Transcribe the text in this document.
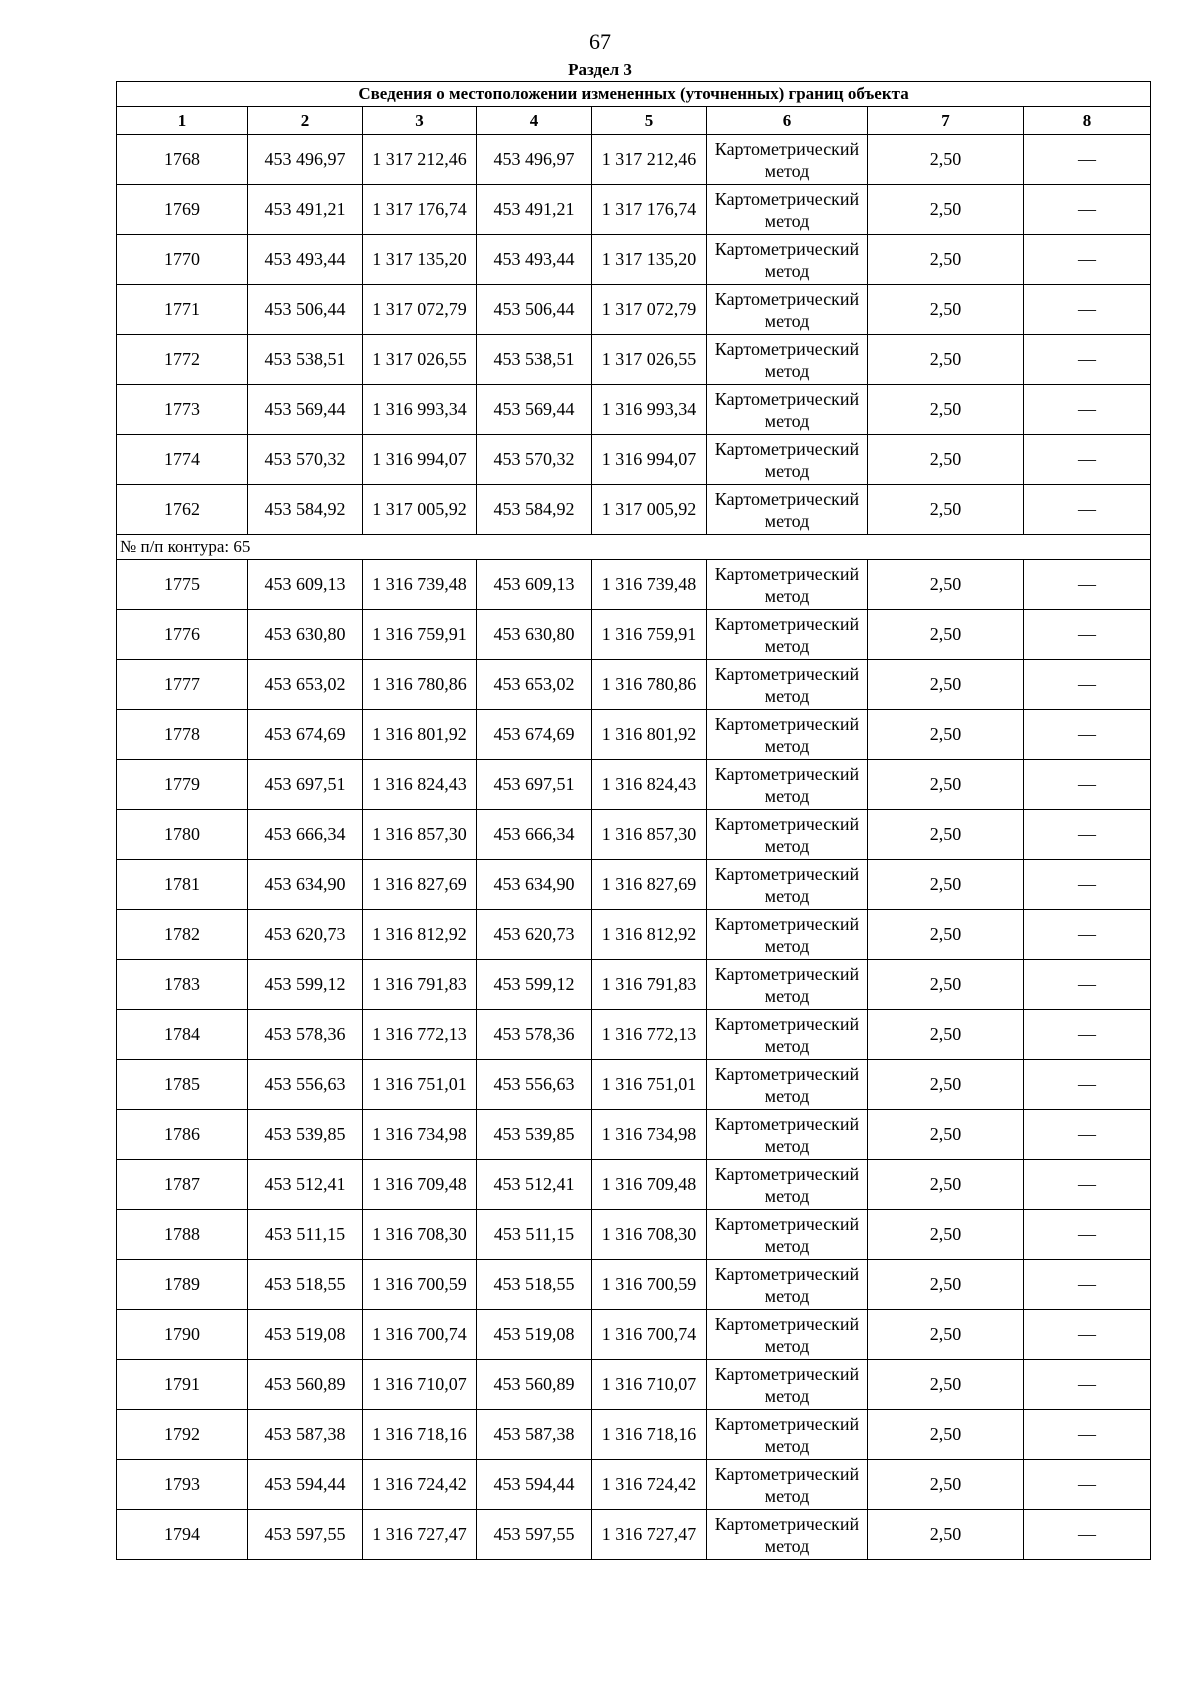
67
Раздел 3
Сведения о местоположении измененных (уточненных) границ объекта							
1	2	3	4	5	6	7	8
1768	453 496,97	1 317 212,46	453 496,97	1 317 212,46	Картометрический метод	2,50	—
1769	453 491,21	1 317 176,74	453 491,21	1 317 176,74	Картометрический метод	2,50	—
1770	453 493,44	1 317 135,20	453 493,44	1 317 135,20	Картометрический метод	2,50	—
1771	453 506,44	1 317 072,79	453 506,44	1 317 072,79	Картометрический метод	2,50	—
1772	453 538,51	1 317 026,55	453 538,51	1 317 026,55	Картометрический метод	2,50	—
1773	453 569,44	1 316 993,34	453 569,44	1 316 993,34	Картометрический метод	2,50	—
1774	453 570,32	1 316 994,07	453 570,32	1 316 994,07	Картометрический метод	2,50	—
1762	453 584,92	1 317 005,92	453 584,92	1 317 005,92	Картометрический метод	2,50	—
№ п/п контура: 65							
1775	453 609,13	1 316 739,48	453 609,13	1 316 739,48	Картометрический метод	2,50	—
1776	453 630,80	1 316 759,91	453 630,80	1 316 759,91	Картометрический метод	2,50	—
1777	453 653,02	1 316 780,86	453 653,02	1 316 780,86	Картометрический метод	2,50	—
1778	453 674,69	1 316 801,92	453 674,69	1 316 801,92	Картометрический метод	2,50	—
1779	453 697,51	1 316 824,43	453 697,51	1 316 824,43	Картометрический метод	2,50	—
1780	453 666,34	1 316 857,30	453 666,34	1 316 857,30	Картометрический метод	2,50	—
1781	453 634,90	1 316 827,69	453 634,90	1 316 827,69	Картометрический метод	2,50	—
1782	453 620,73	1 316 812,92	453 620,73	1 316 812,92	Картометрический метод	2,50	—
1783	453 599,12	1 316 791,83	453 599,12	1 316 791,83	Картометрический метод	2,50	—
1784	453 578,36	1 316 772,13	453 578,36	1 316 772,13	Картометрический метод	2,50	—
1785	453 556,63	1 316 751,01	453 556,63	1 316 751,01	Картометрический метод	2,50	—
1786	453 539,85	1 316 734,98	453 539,85	1 316 734,98	Картометрический метод	2,50	—
1787	453 512,41	1 316 709,48	453 512,41	1 316 709,48	Картометрический метод	2,50	—
1788	453 511,15	1 316 708,30	453 511,15	1 316 708,30	Картометрический метод	2,50	—
1789	453 518,55	1 316 700,59	453 518,55	1 316 700,59	Картометрический метод	2,50	—
1790	453 519,08	1 316 700,74	453 519,08	1 316 700,74	Картометрический метод	2,50	—
1791	453 560,89	1 316 710,07	453 560,89	1 316 710,07	Картометрический метод	2,50	—
1792	453 587,38	1 316 718,16	453 587,38	1 316 718,16	Картометрический метод	2,50	—
1793	453 594,44	1 316 724,42	453 594,44	1 316 724,42	Картометрический метод	2,50	—
1794	453 597,55	1 316 727,47	453 597,55	1 316 727,47	Картометрический метод	2,50	—
